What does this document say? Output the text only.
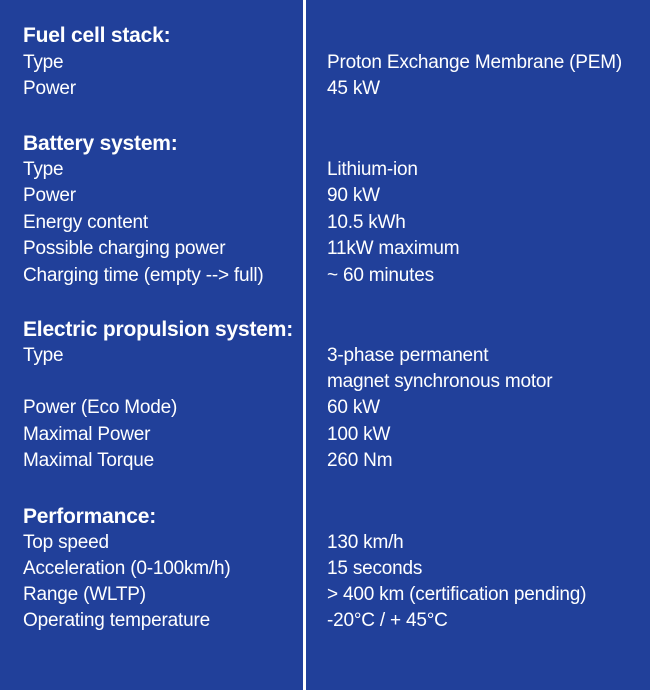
Fuel cell stack:
Type	Proton Exchange Membrane (PEM)
Power	45 kW
Battery system:
Type	Lithium-ion
Power	90 kW
Energy content	10.5 kWh
Possible charging power	11kW maximum
Charging time (empty --> full)	~ 60 minutes
Electric propulsion system:
Type	3-phase permanent
magnet synchronous motor
Power (Eco Mode)	60 kW
Maximal Power	100 kW
Maximal Torque	260 Nm
Performance:
Top speed	130 km/h
Acceleration (0-100km/h)	15 seconds
Range (WLTP)	> 400 km (certification pending)
Operating temperature	-20°C / + 45°C
